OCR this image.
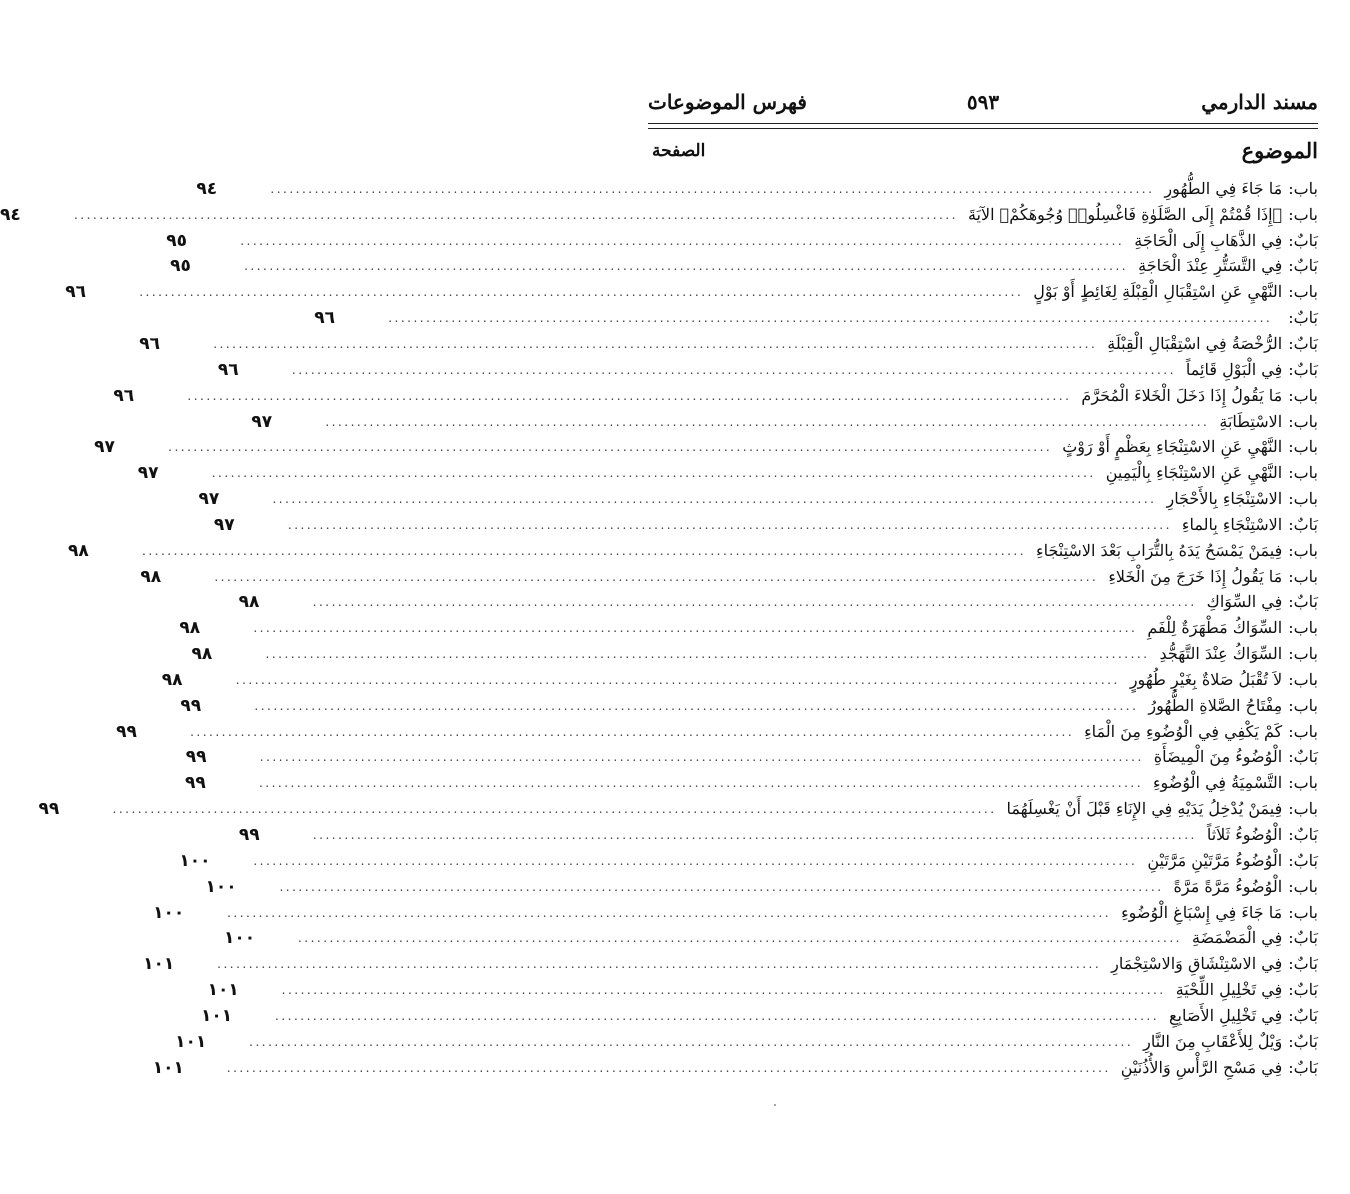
مسند الدارمي
٥٩٣
فهرس الموضوعات
الموضوع
الصفحة
باب:
مَا جَاءَ فِي الطُّهُورِ
............................................................................................................................................
٩٤
باب:
﴿إِذَا قُمْتُمْ إِلَى الصَّلَوٰةِ فَاغْسِلُوا۟ وُجُوهَكُمْ﴾ الآيَةَ
............................................................................................................................................
٩٤
بَابٌ:
فِي الذَّهَابِ إِلَى الْحَاجَةِ
............................................................................................................................................
٩٥
بَابٌ:
فِي التَّسَتُّرِ عِنْدَ الْحَاجَةِ
............................................................................................................................................
٩٥
باب:
النَّهْيِ عَنِ اسْتِقْبَالِ الْقِبْلَةِ لِغَائِطٍ أَوْ بَوْلٍ
............................................................................................................................................
٩٦
بَابٌ:
............................................................................................................................................
٩٦
بَابٌ:
الرُّخْصَةُ فِي اسْتِقْبَالِ الْقِبْلَةِ
............................................................................................................................................
٩٦
بَابٌ:
فِي الْبَوْلِ قَائِماً
............................................................................................................................................
٩٦
باب:
مَا يَقُولُ إِذَا دَخَلَ الْخَلاءَ الْمُحَرَّمَ
............................................................................................................................................
٩٦
باب:
الاسْتِطَابَةِ
............................................................................................................................................
٩٧
باب:
النَّهْيِ عَنِ الاسْتِنْجَاءِ بِعَظْمٍ أَوْ رَوْثٍ
............................................................................................................................................
٩٧
باب:
النَّهْيِ عَنِ الاسْتِنْجَاءِ بِالْيَمِينِ
............................................................................................................................................
٩٧
باب:
الاسْتِنْجَاءِ بِالأَحْجَارِ
............................................................................................................................................
٩٧
بَابٌ:
الاسْتِنْجَاءِ بِالماءِ
............................................................................................................................................
٩٧
باب:
فِيمَنْ يَمْسَحُ يَدَهُ بِالتُّرَابِ بَعْدَ الاسْتِنْجَاءِ
............................................................................................................................................
٩٨
باب:
مَا يَقُولُ إِذَا خَرَجَ مِنَ الْخَلاءِ
............................................................................................................................................
٩٨
بَابٌ:
فِي السِّوَاكِ
............................................................................................................................................
٩٨
باب:
السِّوَاكُ مَطْهَرَةٌ لِلْفَمِ
............................................................................................................................................
٩٨
باب:
السِّوَاكُ عِنْدَ التَّهَجُّدِ
............................................................................................................................................
٩٨
باب:
لاَ تُقْبَلُ صَلاةٌ بِغَيْرِ طُهُورٍ
............................................................................................................................................
٩٨
باب:
مِفْتَاحُ الصَّلاةِ الطُّهُورُ
............................................................................................................................................
٩٩
باب:
كَمْ يَكْفِي فِي الْوُضُوءِ مِنَ الْمَاءِ
............................................................................................................................................
٩٩
بَابٌ:
الْوُضُوءُ مِنَ الْمِيضَأَةِ
............................................................................................................................................
٩٩
باب:
التَّسْمِيَةُ فِي الْوُضُوءِ
............................................................................................................................................
٩٩
باب:
فِيمَنْ يُدْخِلُ يَدَيْهِ فِي الإِنَاءِ قَبْلَ أَنْ يَغْسِلَهُمَا
............................................................................................................................................
٩٩
بَابٌ:
الْوُضُوءُ ثَلاَثاً
............................................................................................................................................
٩٩
بَابٌ:
الْوُضُوءُ مَرَّتَيْنِ مَرَّتَيْنِ
............................................................................................................................................
١٠٠
باب:
الْوُضُوءُ مَرَّةً مَرَّةً
............................................................................................................................................
١٠٠
باب:
مَا جَاءَ فِي إِسْبَاغِ الْوُضُوءِ
............................................................................................................................................
١٠٠
بَابٌ:
فِي الْمَضْمَضَةِ
............................................................................................................................................
١٠٠
بَابٌ:
فِي الاسْتِنْشَاقِ وَالاسْتِجْمَارِ
............................................................................................................................................
١٠١
بَابٌ:
فِي تَخْلِيلِ اللِّحْيَةِ
............................................................................................................................................
١٠١
بَابٌ:
فِي تَخْلِيلِ الأَصَابِعِ
............................................................................................................................................
١٠١
بَابٌ:
وَيْلٌ لِلأَعْقَابِ مِنَ النَّارِ
............................................................................................................................................
١٠١
بَابٌ:
فِي مَسْحِ الرَّأْسِ وَالأُذُنَيْنِ
............................................................................................................................................
١٠١
